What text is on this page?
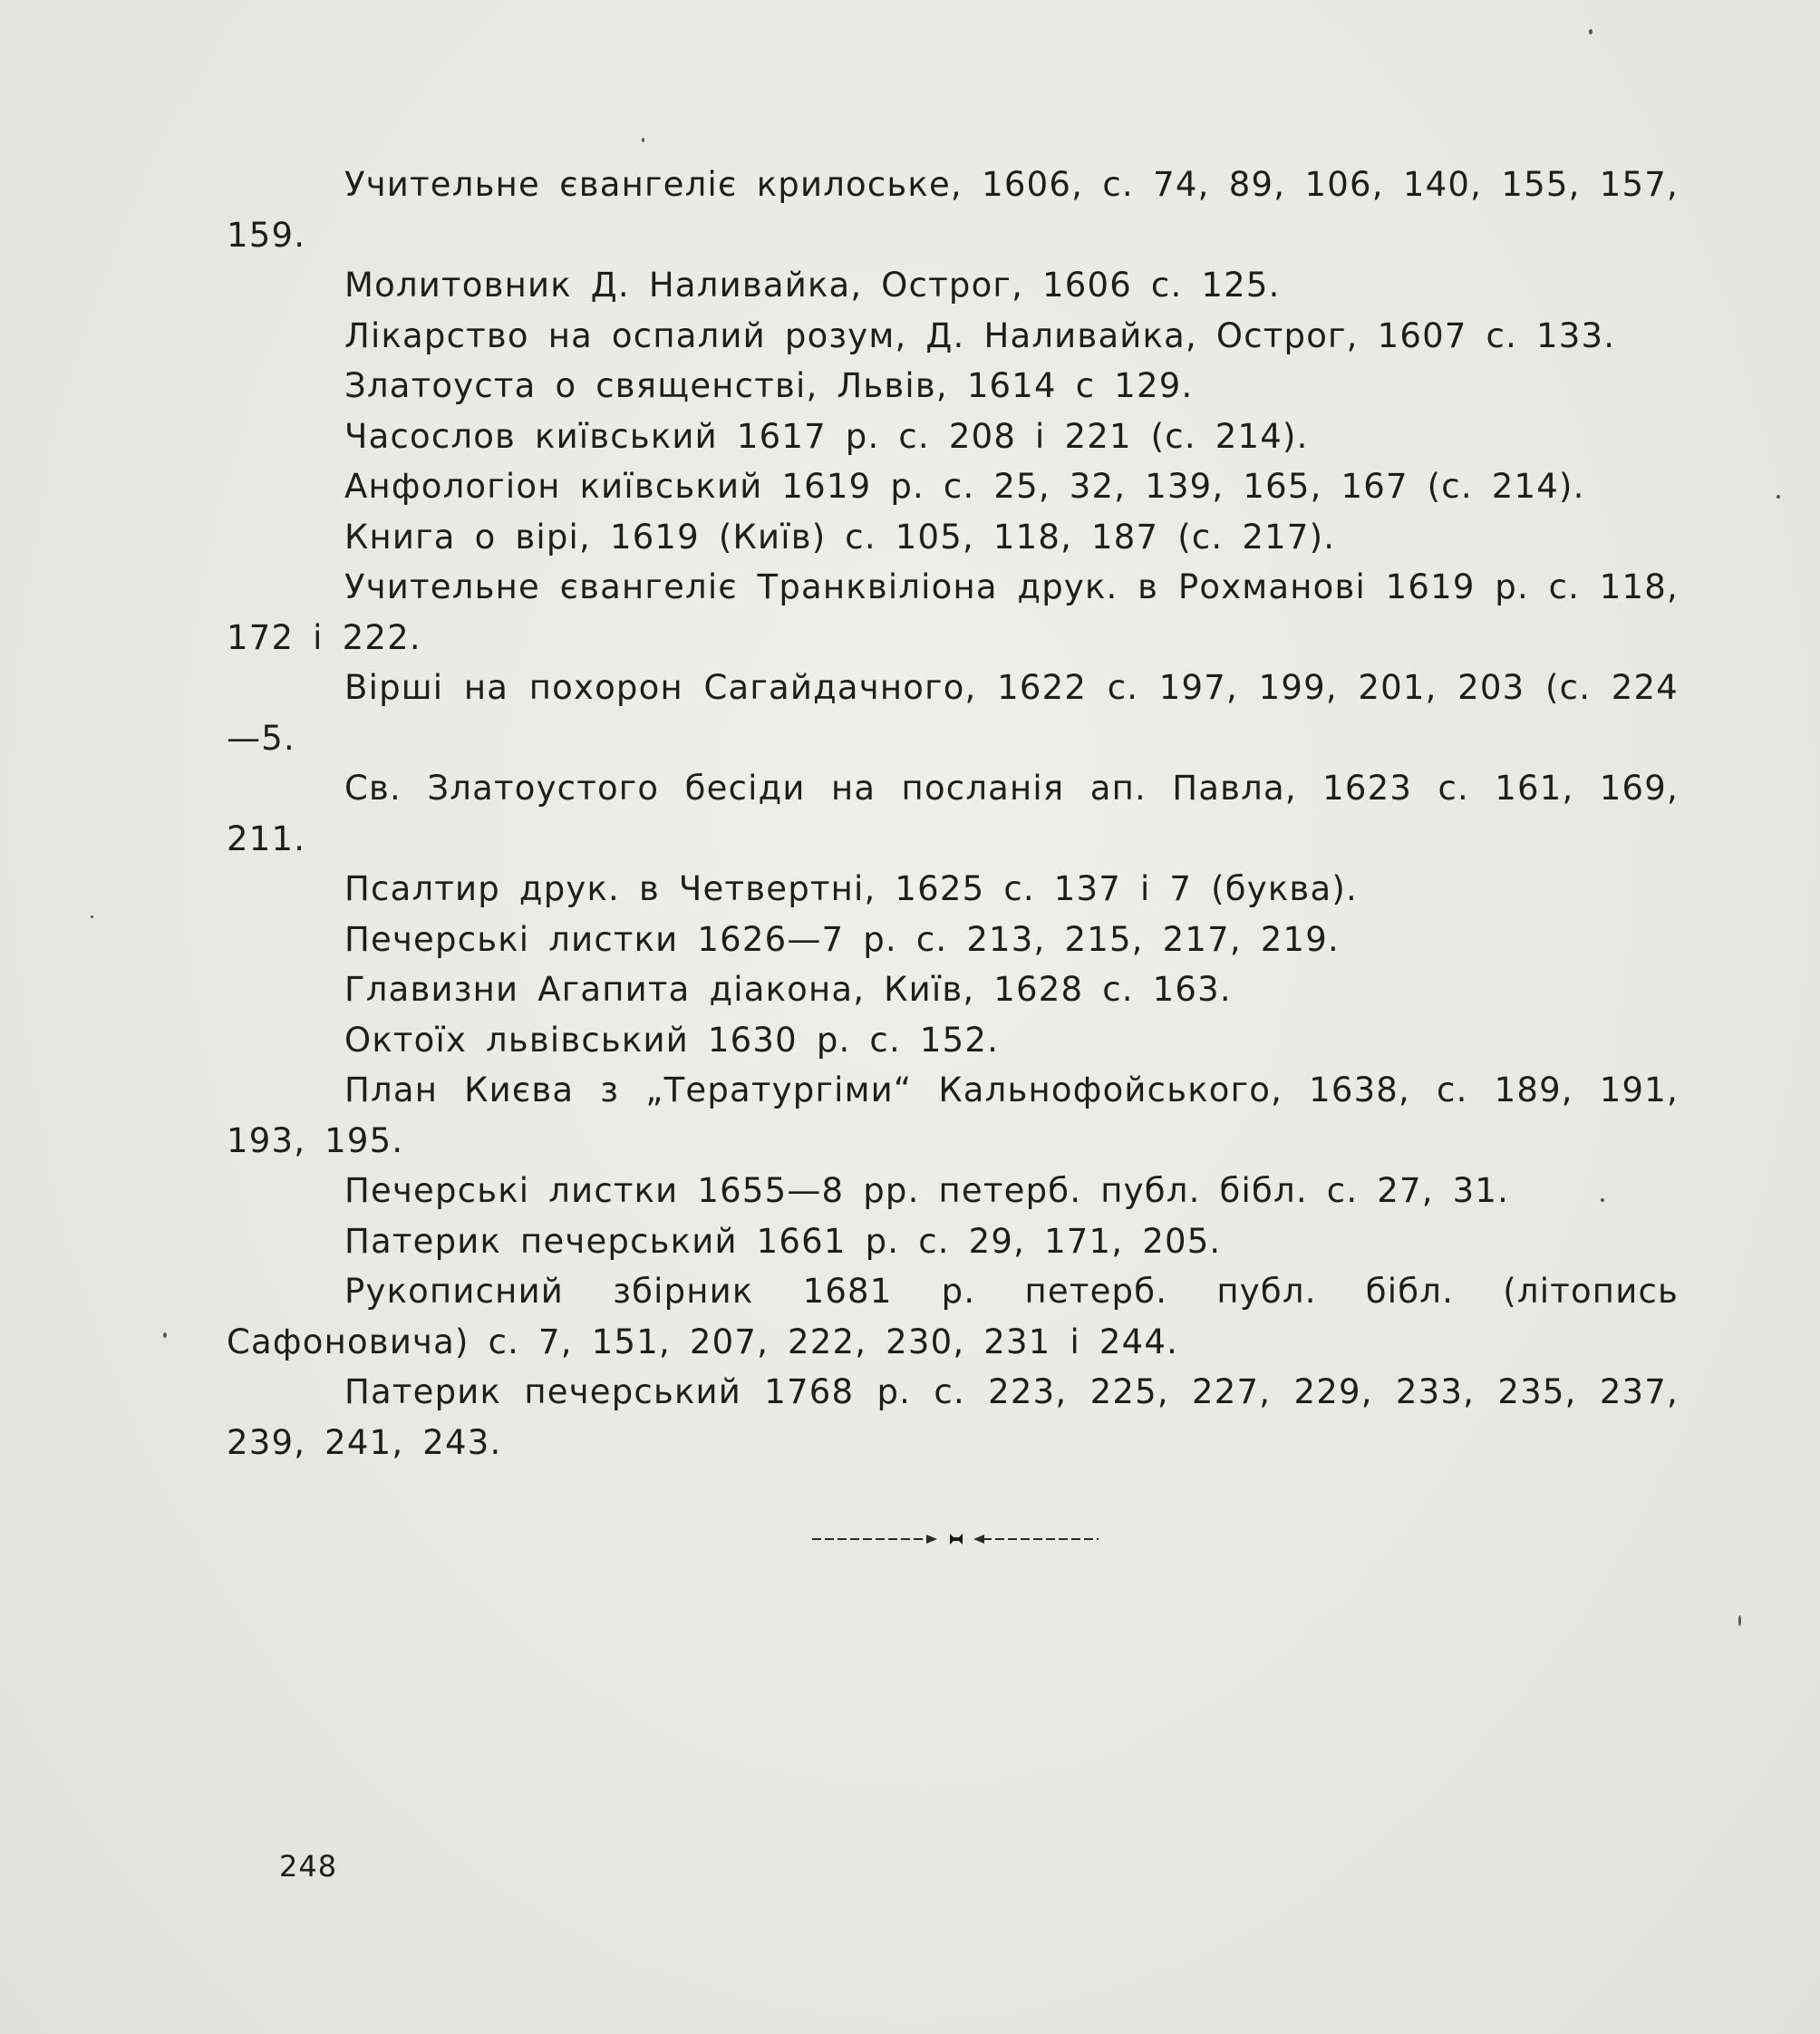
Учительне євангеліє крилоське, 1606, с. 74, 89, 106, 140, 155, 157, 159.
Молитовник Д. Наливайка, Острог, 1606 с. 125.
Лікарство на оспалий розум, Д. Наливайка, Острог, 1607 с. 133.
Златоуста о священстві, Львів, 1614 с 129.
Часослов київський 1617 р. с. 208 і 221 (с. 214).
Анфологіон київський 1619 р. с. 25, 32, 139, 165, 167 (с. 214).
Книга о вірі, 1619 (Київ) с. 105, 118, 187 (с. 217).
Учительне євангеліє Транквіліона друк. в Рохманові 1619 р. с. 118, 172 і 222.
Вірші на похорон Сагайдачного, 1622 с. 197, 199, 201, 203 (с. 224—5.
Св. Златоустого бесіди на посланія ап. Павла, 1623 с. 161, 169, 211.
Псалтир друк. в Четвертні, 1625 с. 137 і 7 (буква).
Печерські листки 1626—7 р. с. 213, 215, 217, 219.
Главизни Агапита діакона, Київ, 1628 с. 163.
Октоїх львівський 1630 р. с. 152.
План Києва з „Тератургіми“ Кальнофойського, 1638, с. 189, 191, 193, 195.
Печерські листки 1655—8 рр. петерб. публ. бібл. с. 27, 31.
Патерик печерський 1661 р. с. 29, 171, 205.
Рукописний збірник 1681 р. петерб. публ. бібл. (літопись Сафоновича) с. 7, 151, 207, 222, 230, 231 і 244.
Патерик печерський 1768 р. с. 223, 225, 227, 229, 233, 235, 237, 239, 241, 243.
248
